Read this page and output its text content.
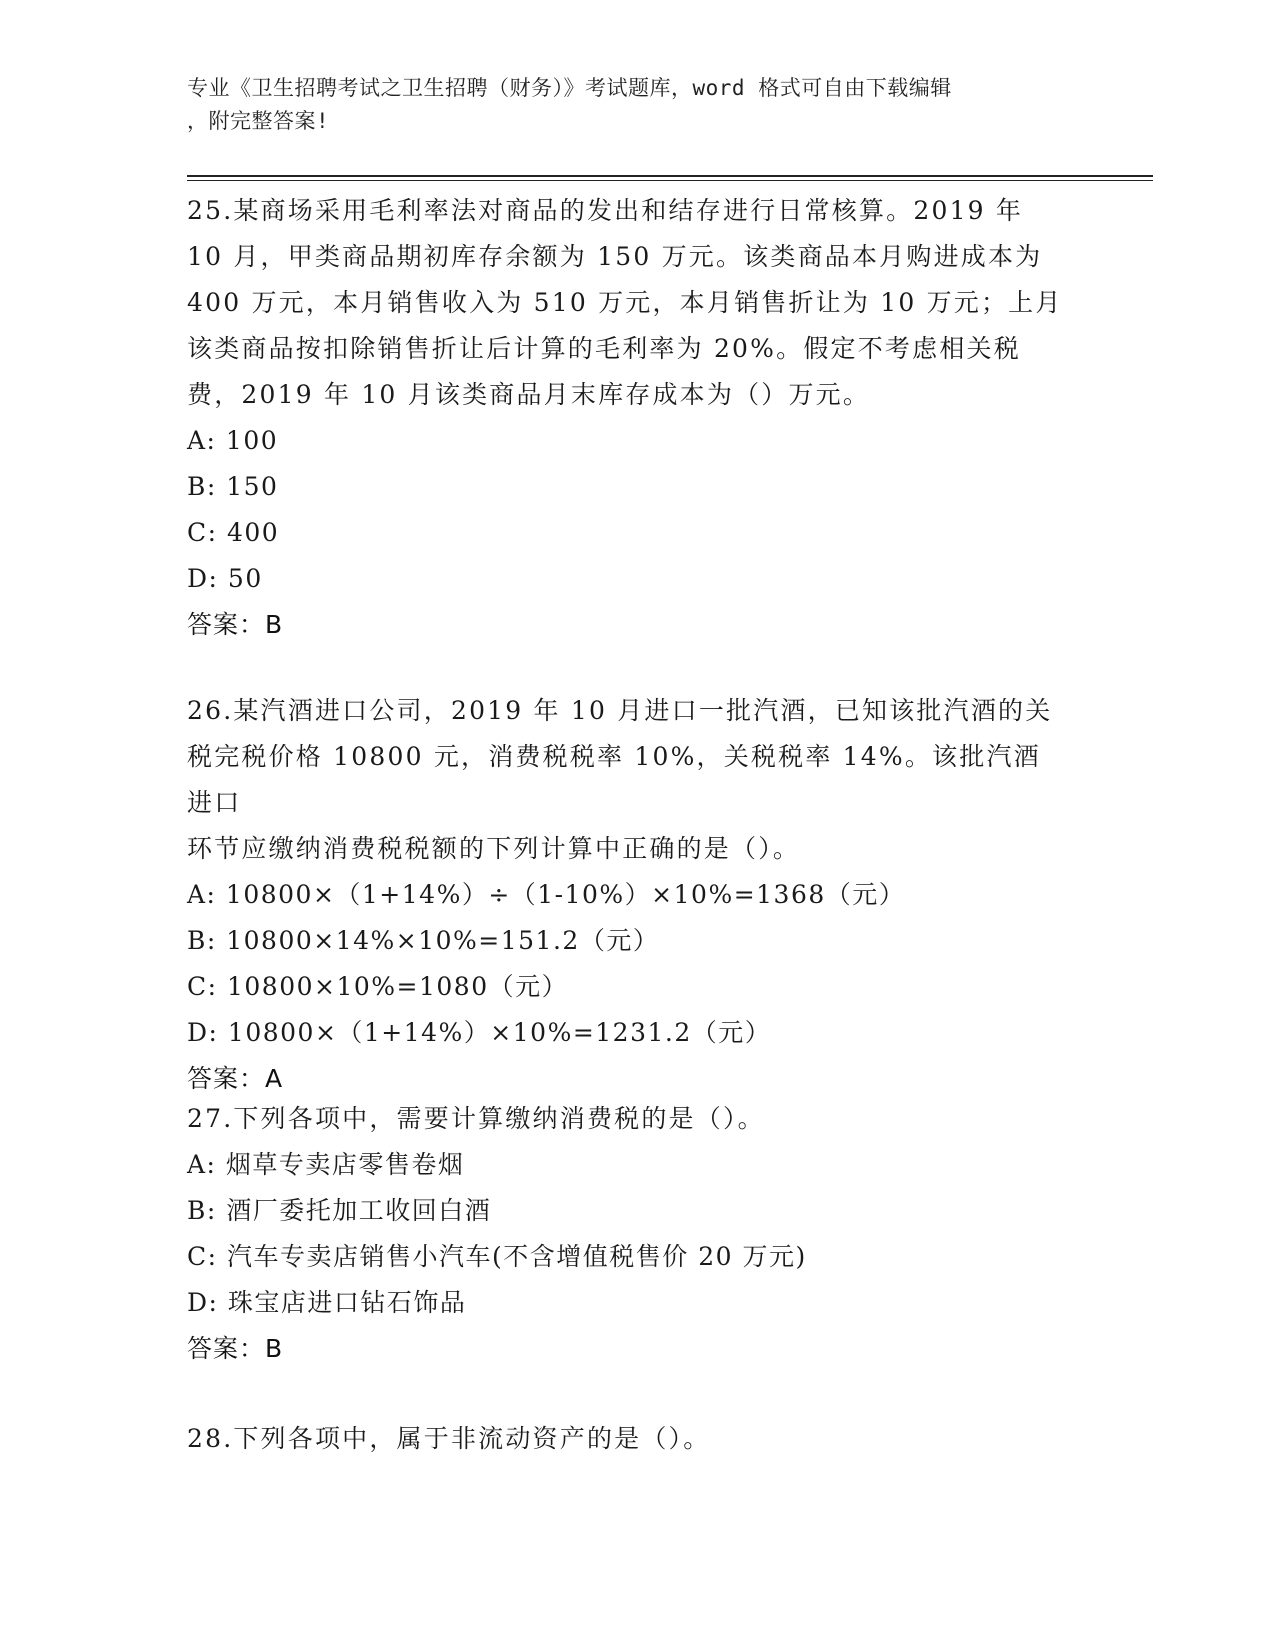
专业《卫生招聘考试之卫生招聘（财务）》考试题库，word 格式可自由下载编辑
，附完整答案!

25.某商场采用毛利率法对商品的发出和结存进行日常核算。2019 年

10 月，甲类商品期初库存余额为 150 万元。该类商品本月购进成本为

400 万元，本月销售收入为 510 万元，本月销售折让为 10 万元；上月

该类商品按扣除销售折让后计算的毛利率为 20%。假定不考虑相关税

费，2019 年 10 月该类商品月末库存成本为（）万元。

A: 100

B: 150

C: 400

D: 50

答案：B

26.某汽酒进口公司，2019 年 10 月进口一批汽酒，已知该批汽酒的关

税完税价格 10800 元，消费税税率 10%，关税税率 14%。该批汽酒进口

环节应缴纳消费税税额的下列计算中正确的是（）。

A: 10800×（1+14%）÷（1-10%）×10%=1368（元）

B: 10800×14%×10%=151.2（元）

C: 10800×10%=1080（元）

D: 10800×（1+14%）×10%=1231.2（元）

答案：A

27.下列各项中，需要计算缴纳消费税的是（）。

A: 烟草专卖店零售卷烟

B: 酒厂委托加工收回白酒

C: 汽车专卖店销售小汽车(不含增值税售价 20 万元)

D: 珠宝店进口钻石饰品

答案：B

28.下列各项中，属于非流动资产的是（）。
